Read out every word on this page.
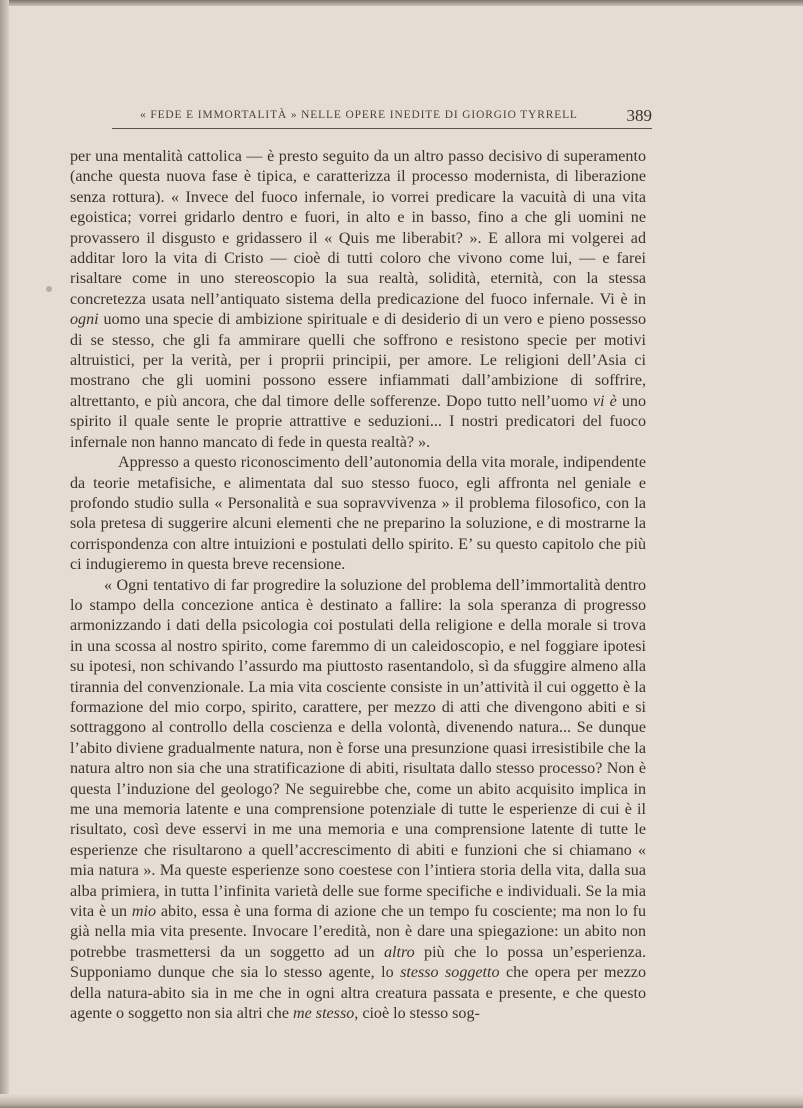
« FEDE E IMMORTALITÀ » NELLE OPERE INEDITE DI GIORGIO TYRRELL	389

per una mentalità cattolica — è presto seguito da un altro passo decisivo di superamento (anche questa nuova fase è tipica, e caratterizza il processo modernista, di liberazione senza rottura). « Invece del fuoco infernale, io vorrei predicare la vacuità di una vita egoistica; vorrei gridarlo dentro e fuori, in alto e in basso, fino a che gli uomini ne provassero il disgusto e gridassero il « Quis me liberabit? ». E allora mi volgerei ad additar loro la vita di Cristo — cioè di tutti coloro che vivono come lui, — e farei risaltare come in uno stereoscopio la sua realtà, solidità, eternità, con la stessa concretezza usata nell’antiquato sistema della predicazione del fuoco infernale. Vi è in ogni uomo una specie di ambizione spirituale e di desiderio di un vero e pieno possesso di se stesso, che gli fa ammirare quelli che soffrono e resistono specie per motivi altruistici, per la verità, per i proprii principii, per amore. Le religioni dell’Asia ci mostrano che gli uomini possono essere infiammati dall’ambizione di soffrire, altrettanto, e più ancora, che dal timore delle sofferenze. Dopo tutto nell’uomo vi è uno spirito il quale sente le proprie attrattive e seduzioni... I nostri predicatori del fuoco infernale non hanno mancato di fede in questa realtà? ».

Appresso a questo riconoscimento dell’autonomia della vita morale, indipendente da teorie metafisiche, e alimentata dal suo stesso fuoco, egli affronta nel geniale e profondo studio sulla « Personalità e sua sopravvivenza » il problema filosofico, con la sola pretesa di suggerire alcuni elementi che ne preparino la soluzione, e di mostrarne la corrispondenza con altre intuizioni e postulati dello spirito. E’ su questo capitolo che più ci indugieremo in questa breve recensione.

« Ogni tentativo di far progredire la soluzione del problema dell’immortalità dentro lo stampo della concezione antica è destinato a fallire: la sola speranza di progresso armonizzando i dati della psicologia coi postulati della religione e della morale si trova in una scossa al nostro spirito, come faremmo di un caleidoscopio, e nel foggiare ipotesi su ipotesi, non schivando l’assurdo ma piuttosto rasentandolo, sì da sfuggire almeno alla tirannia del convenzionale. La mia vita cosciente consiste in un’attività il cui oggetto è la formazione del mio corpo, spirito, carattere, per mezzo di atti che divengono abiti e si sottraggono al controllo della coscienza e della volontà, divenendo natura... Se dunque l’abito diviene gradualmente natura, non è forse una presunzione quasi irresistibile che la natura altro non sia che una stratificazione di abiti, risultata dallo stesso processo? Non è questa l’induzione del geologo? Ne seguirebbe che, come un abito acquisito implica in me una memoria latente e una comprensione potenziale di tutte le esperienze di cui è il risultato, così deve esservi in me una memoria e una comprensione latente di tutte le esperienze che risultarono a quell’accrescimento di abiti e funzioni che si chiamano « mia natura ». Ma queste esperienze sono coestese con l’intiera storia della vita, dalla sua alba primiera, in tutta l’infinita varietà delle sue forme specifiche e individuali. Se la mia vita è un mio abito, essa è una forma di azione che un tempo fu cosciente; ma non lo fu già nella mia vita presente. Invocare l’eredità, non è dare una spiegazione: un abito non potrebbe trasmettersi da un soggetto ad un altro più che lo possa un’esperienza. Supponiamo dunque che sia lo stesso agente, lo stesso soggetto che opera per mezzo della natura-abito sia in me che in ogni altra creatura passata e presente, e che questo agente o soggetto non sia altri che me stesso, cioè lo stesso sog-
